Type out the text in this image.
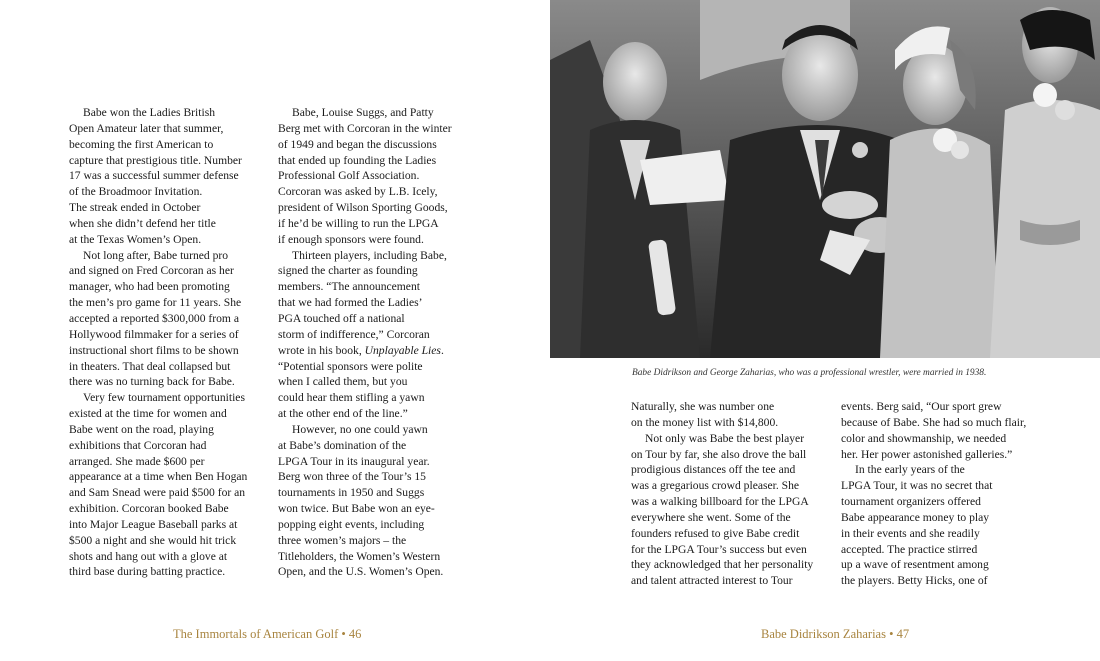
Babe won the Ladies British

Open Amateur later that summer,

becoming the first American to

capture that prestigious title. Number

17 was a successful summer defense

of the Broadmoor Invitation.

The streak ended in October

when she didn’t defend her title

at the Texas Women’s Open.

Not long after, Babe turned pro

and signed on Fred Corcoran as her

manager, who had been promoting

the men’s pro game for 11 years. She

accepted a reported $300,000 from a

Hollywood filmmaker for a series of

instructional short films to be shown

in theaters. That deal collapsed but

there was no turning back for Babe.

Very few tournament opportunities

existed at the time for women and

Babe went on the road, playing

exhibitions that Corcoran had

arranged. She made $600 per

appearance at a time when Ben Hogan

and Sam Snead were paid $500 for an

exhibition. Corcoran booked Babe

into Major League Baseball parks at

$500 a night and she would hit trick

shots and hang out with a glove at

third base during batting practice.

Babe, Louise Suggs, and Patty

Berg met with Corcoran in the winter

of 1949 and began the discussions

that ended up founding the Ladies

Professional Golf Association.

Corcoran was asked by L.B. Icely,

president of Wilson Sporting Goods,

if he’d be willing to run the LPGA

if enough sponsors were found.

Thirteen players, including Babe,

signed the charter as founding

members. “The announcement

that we had formed the Ladies’

PGA touched off a national

storm of indifference,” Corcoran

wrote in his book, Unplayable Lies.

“Potential sponsors were polite

when I called them, but you

could hear them stifling a yawn

at the other end of the line.”

However, no one could yawn

at Babe’s domination of the

LPGA Tour in its inaugural year.

Berg won three of the Tour’s 15

tournaments in 1950 and Suggs

won twice. But Babe won an eye-

popping eight events, including

three women’s majors – the

Titleholders, the Women’s Western

Open, and the U.S. Women’s Open.

The Immortals of American Golf • 46
Babe Didrikson and George Zaharias, who was a professional wrestler, were married in 1938.

Naturally, she was number one

on the money list with $14,800.

Not only was Babe the best player

on Tour by far, she also drove the ball

prodigious distances off the tee and

was a gregarious crowd pleaser. She

was a walking billboard for the LPGA

everywhere she went. Some of the

founders refused to give Babe credit

for the LPGA Tour’s success but even

they acknowledged that her personality

and talent attracted interest to Tour

events. Berg said, “Our sport grew

because of Babe. She had so much flair,

color and showmanship, we needed

her. Her power astonished galleries.”

In the early years of the

LPGA Tour, it was no secret that

tournament organizers offered

Babe appearance money to play

in their events and she readily

accepted. The practice stirred

up a wave of resentment among

the players. Betty Hicks, one of

Babe Didrikson Zaharias • 47
